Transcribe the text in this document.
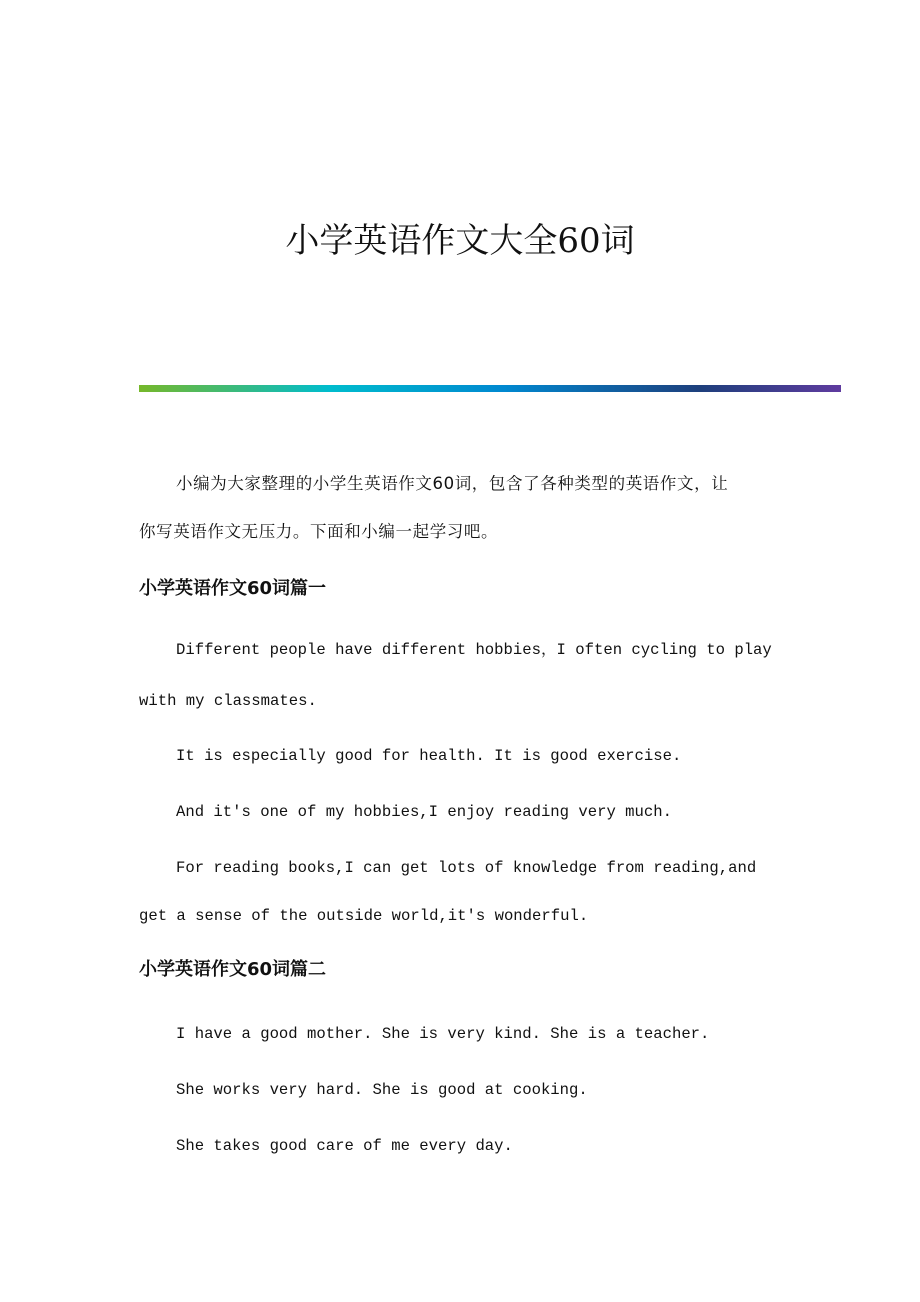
小学英语作文大全60词
小编为大家整理的小学生英语作文60词，包含了各种类型的英语作文，让
你写英语作文无压力。下面和小编一起学习吧。
小学英语作文60词篇一
Different people have different hobbies，I often cycling to play
with my classmates.
It is especially good for health. It is good exercise.
And it's one of my hobbies,I enjoy reading very much.
For reading books,I can get lots of knowledge from reading,and
get a sense of the outside world,it's wonderful.
小学英语作文60词篇二
I have a good mother. She is very kind. She is a teacher.
She works very hard. She is good at cooking.
She takes good care of me every day.
